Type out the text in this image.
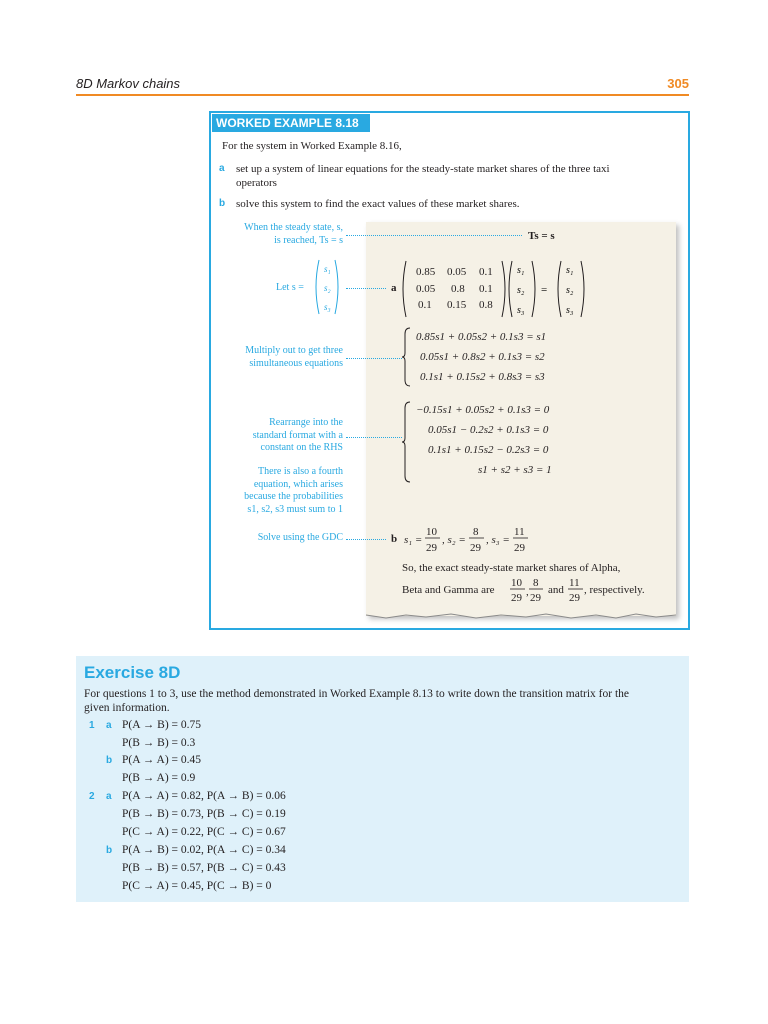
8D Markov chains	305
WORKED EXAMPLE 8.18
For the system in Worked Example 8.16,
a set up a system of linear equations for the steady-state market shares of the three taxi
operators
b solve this system to find the exact values of these market shares.
When the steady state, s,
is reached, Ts = s	Ts = s
Let s =
s₁
s₂
s₃
a
s₁
s₂
s₃
=
s₁
s₂
s₃
0.85 0.05 0.1
0.05 0.8 0.1
0.1 0.15 0.8
Multiply out to get three
simultaneous equations
0.85s1 + 0.05s2 + 0.1s3 = s1
0.05s1 + 0.8s2 + 0.1s3 = s2
0.1s1 + 0.15s2 + 0.8s3 = s3
Rearrange into the
standard format with a
constant on the RHS
−0.15s1 + 0.05s2 + 0.1s3 = 0
0.05s1 − 0.2s2 + 0.1s3 = 0
0.1s1 + 0.15s2 − 0.2s3 = 0
s1 + s2 + s3 = 1
There is also a fourth
equation, which arises
because the probabilities
s1, s2, s3 must sum to 1
Solve using the GDC	b s₁ =
10
29
, s₂ =
8
29
, s₃ =
11
29
So, the exact steady-state market shares of Alpha,
Beta and Gamma are
10
29 ,
8
29
and
11
29
, respectively.
Exercise 8D
For questions 1 to 3, use the method demonstrated in Worked Example 8.13 to write down the transition matrix for the
given information.
1 a P(A → B) = 0.75
P(B → B) = 0.3
b P(A → A) = 0.45
P(B → A) = 0.9
2 a P(A → A) = 0.82, P(A → B) = 0.06
P(B → B) = 0.73, P(B → C) = 0.19
P(C → A) = 0.22, P(C → C) = 0.67
b P(A → B) = 0.02, P(A → C) = 0.34
P(B → B) = 0.57, P(B → C) = 0.43
P(C → A) = 0.45, P(C → B) = 0
